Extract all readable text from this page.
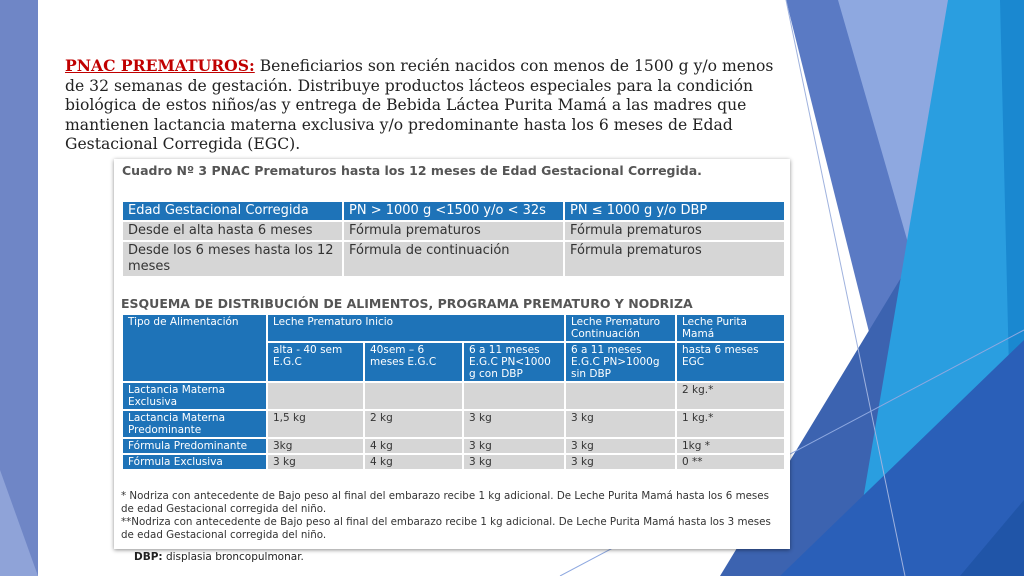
PNAC PREMATUROS: Beneficiarios son recién nacidos con menos de 1500 g y/o menos de 32 semanas de gestación. Distribuye productos lácteos especiales para la condición biológica de estos niños/as y entrega de Bebida Láctea Purita Mamá a las madres que mantienen lactancia materna exclusiva y/o predominante hasta los 6 meses de Edad Gestacional Corregida (EGC).
Cuadro Nº 3 PNAC Prematuros hasta los 12 meses de Edad Gestacional Corregida.
Edad Gestacional Corregida	PN > 1000 g <1500 y/o < 32s	PN ≤ 1000 g y/o DBP
Desde el alta hasta 6 meses	Fórmula prematuros	Fórmula prematuros
Desde los 6 meses hasta los 12 meses	Fórmula de continuación	Fórmula prematuros
ESQUEMA DE DISTRIBUCIÓN DE ALIMENTOS, PROGRAMA PREMATURO Y NODRIZA
Tipo de Alimentación	Leche Prematuro Inicio			Leche Prematuro Continuación	Leche Purita Mamá
	alta - 40 sem E.G.C	40sem – 6 meses E.G.C	6 a 11 meses E.G.C PN<1000 g con DBP	6 a 11 meses E.G.C PN>1000g sin DBP	hasta 6 meses EGC
Lactancia Materna Exclusiva					2 kg.*
Lactancia Materna Predominante	1,5 kg	2 kg	3 kg	3 kg	1 kg.*
Fórmula Predominante	3kg	4 kg	3 kg	3 kg	1kg *
Fórmula Exclusiva	3 kg	4 kg	3 kg	3 kg	0 **
* Nodriza con antecedente de Bajo peso al final del embarazo recibe 1 kg adicional. De Leche Purita Mamá hasta los 6 meses de edad Gestacional corregida del niño.
**Nodriza con antecedente de Bajo peso al final del embarazo recibe 1 kg adicional. De Leche Purita Mamá hasta los 3 meses de edad Gestacional corregida del niño.
DBP: displasia broncopulmonar.
